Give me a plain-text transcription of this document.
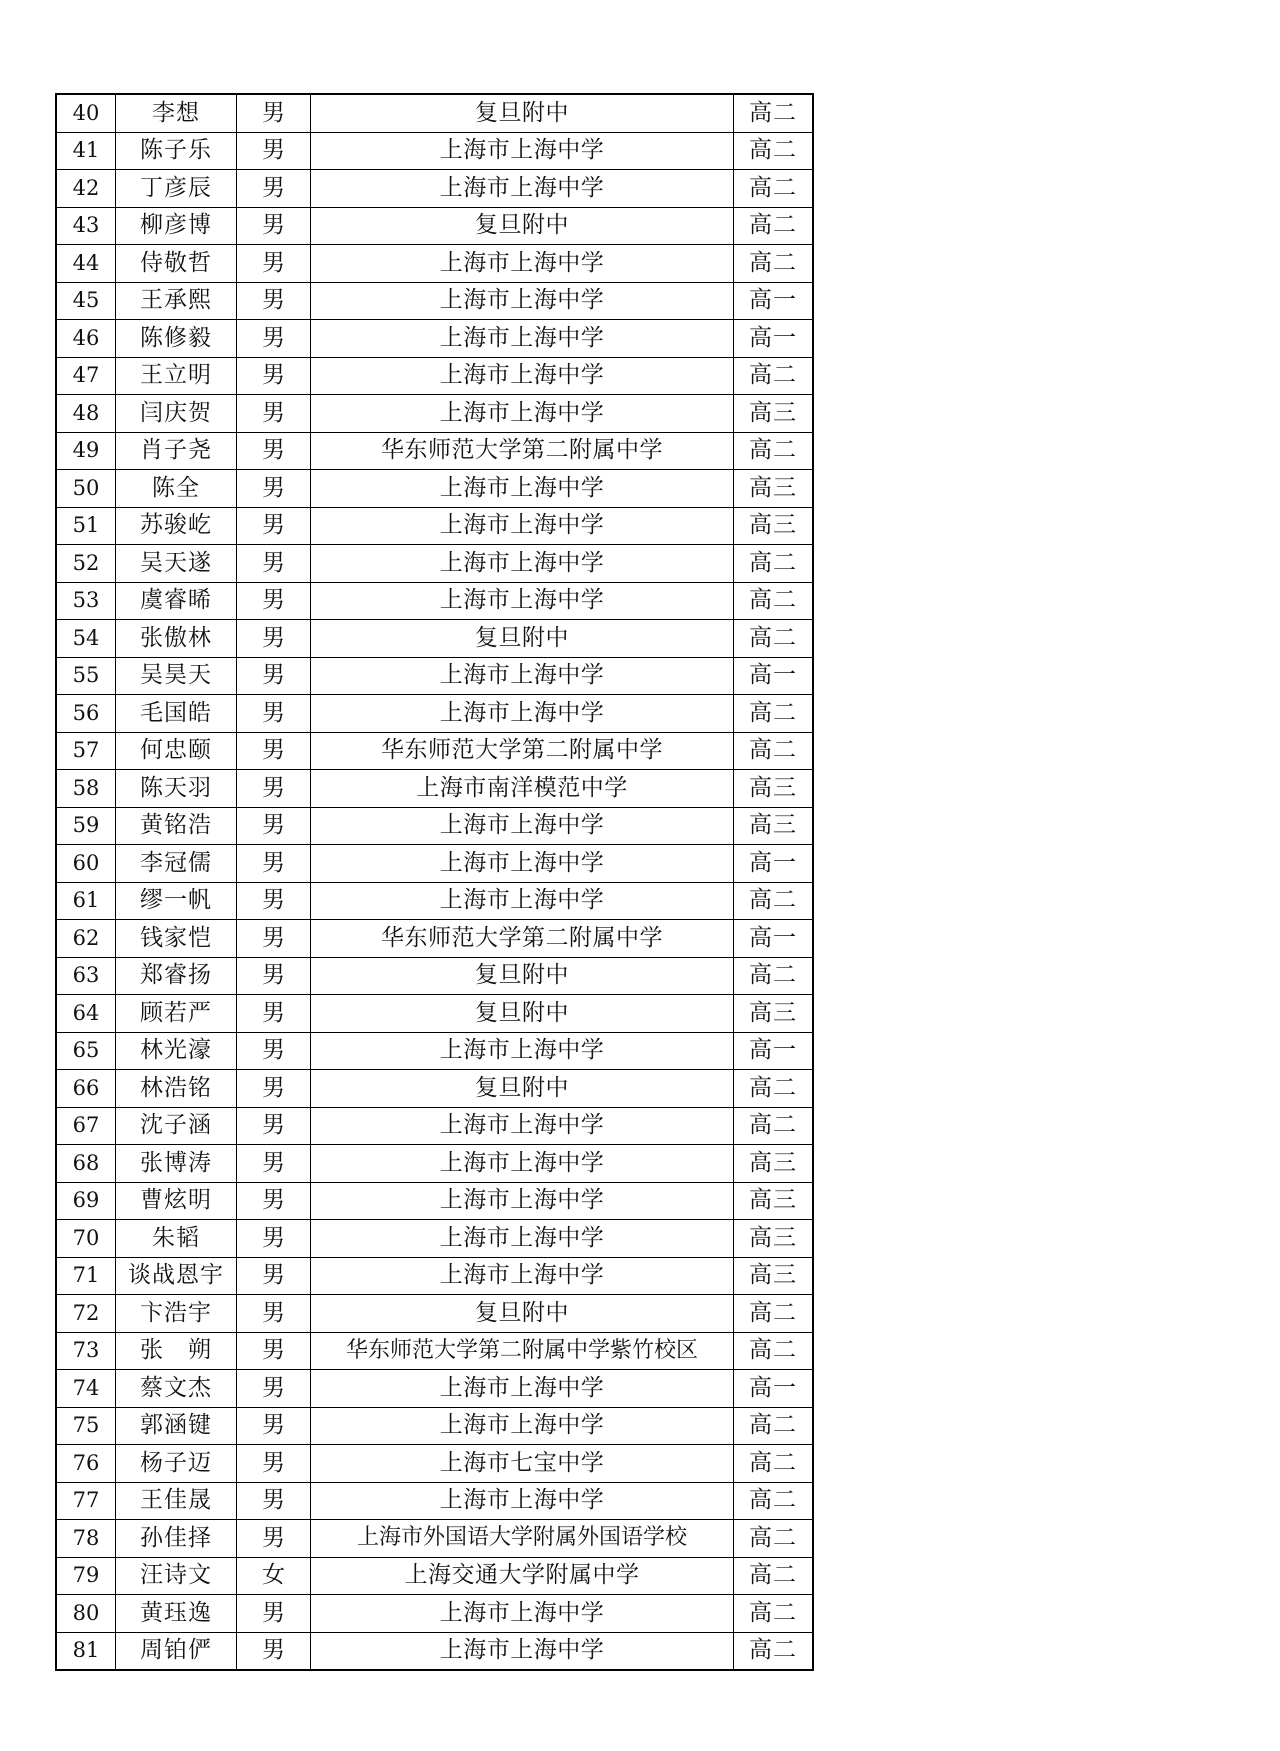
40	李想	男	复旦附中	高二
41	陈子乐	男	上海市上海中学	高二
42	丁彦辰	男	上海市上海中学	高二
43	柳彦博	男	复旦附中	高二
44	侍敬哲	男	上海市上海中学	高二
45	王承熙	男	上海市上海中学	高一
46	陈修毅	男	上海市上海中学	高一
47	王立明	男	上海市上海中学	高二
48	闫庆贺	男	上海市上海中学	高三
49	肖子尧	男	华东师范大学第二附属中学	高二
50	陈全	男	上海市上海中学	高三
51	苏骏屹	男	上海市上海中学	高三
52	吴天遂	男	上海市上海中学	高二
53	虞睿晞	男	上海市上海中学	高二
54	张傲林	男	复旦附中	高二
55	吴昊天	男	上海市上海中学	高一
56	毛国皓	男	上海市上海中学	高二
57	何忠颐	男	华东师范大学第二附属中学	高二
58	陈天羽	男	上海市南洋模范中学	高三
59	黄铭浩	男	上海市上海中学	高三
60	李冠儒	男	上海市上海中学	高一
61	缪一帆	男	上海市上海中学	高二
62	钱家恺	男	华东师范大学第二附属中学	高一
63	郑睿扬	男	复旦附中	高二
64	顾若严	男	复旦附中	高三
65	林光濠	男	上海市上海中学	高一
66	林浩铭	男	复旦附中	高二
67	沈子涵	男	上海市上海中学	高二
68	张博涛	男	上海市上海中学	高三
69	曹炫明	男	上海市上海中学	高三
70	朱韬	男	上海市上海中学	高三
71	谈战恩宇	男	上海市上海中学	高三
72	卞浩宇	男	复旦附中	高二
73	张　朔	男	华东师范大学第二附属中学紫竹校区	高二
74	蔡文杰	男	上海市上海中学	高一
75	郭涵键	男	上海市上海中学	高二
76	杨子迈	男	上海市七宝中学	高二
77	王佳晟	男	上海市上海中学	高二
78	孙佳择	男	上海市外国语大学附属外国语学校	高二
79	汪诗文	女	上海交通大学附属中学	高二
80	黄珏逸	男	上海市上海中学	高二
81	周铂俨	男	上海市上海中学	高二
